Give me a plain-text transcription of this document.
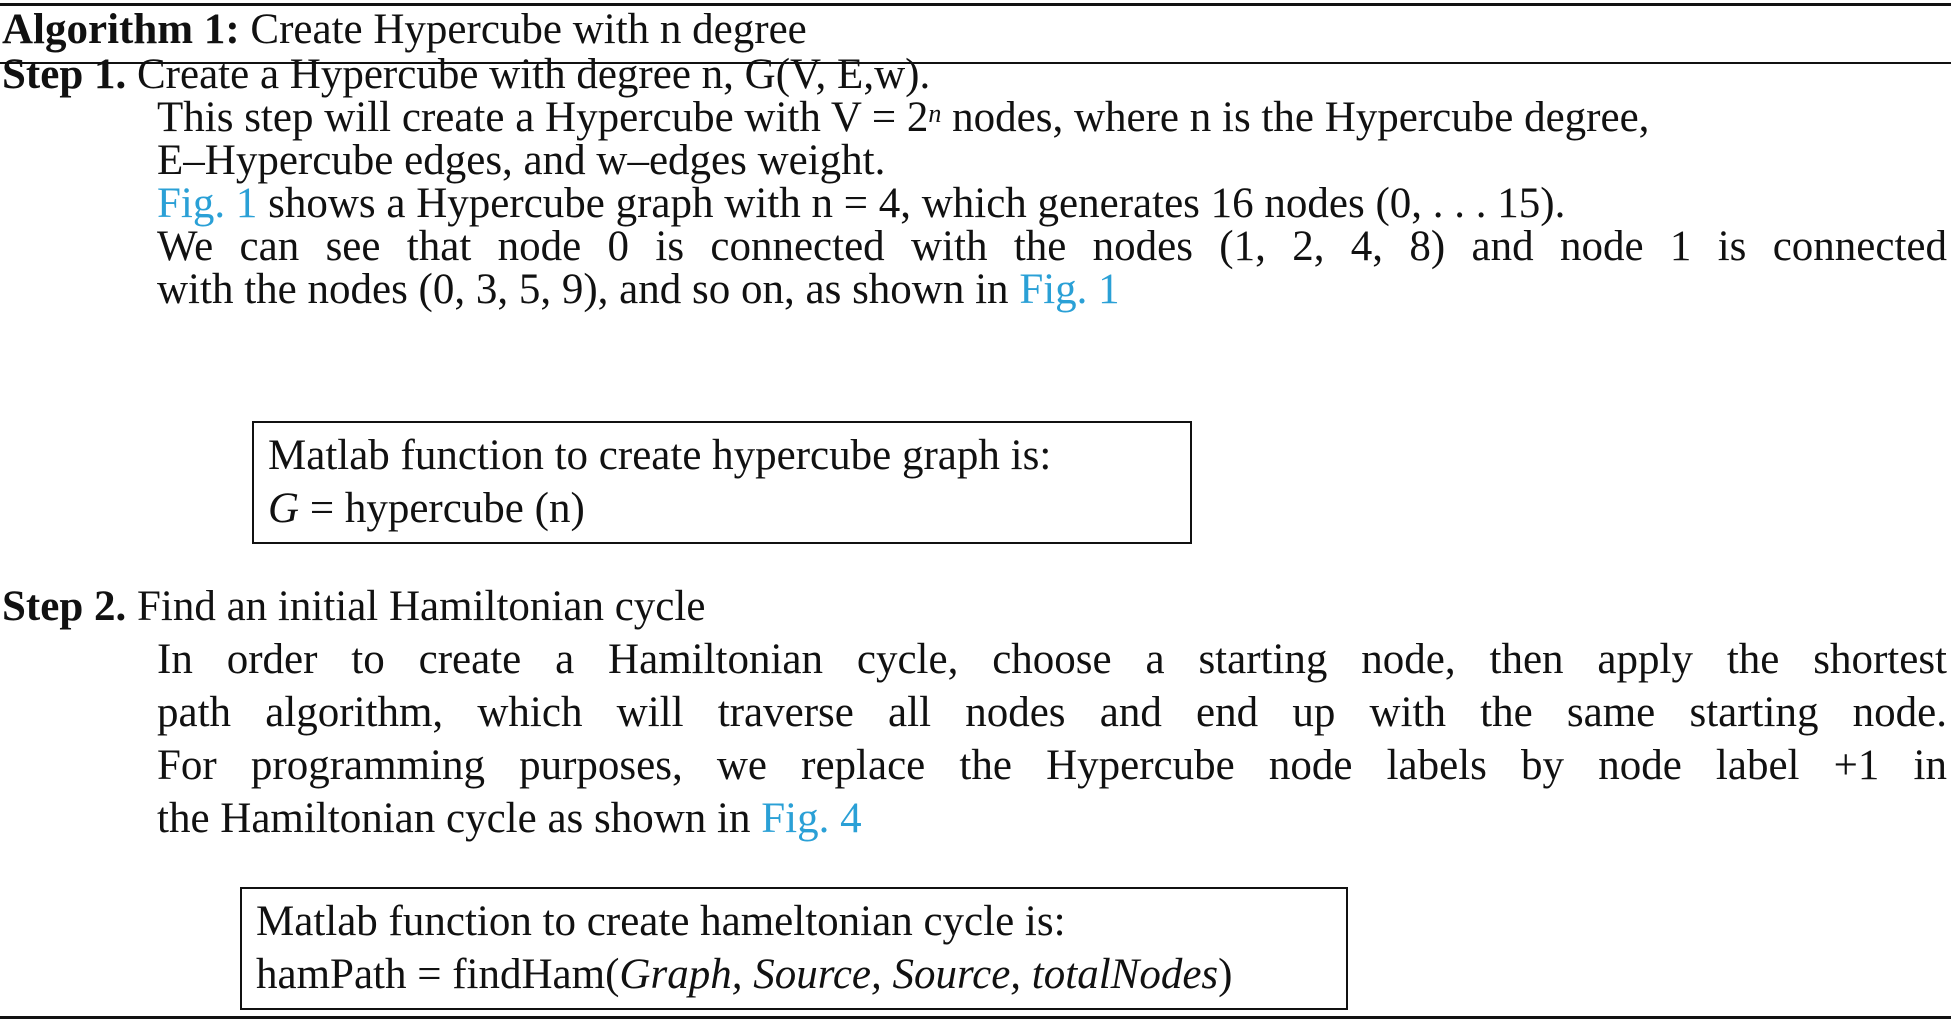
Algorithm 1: Create Hypercube with n degree
Step 1. Create a Hypercube with degree n, G(V, E,w).
This step will create a Hypercube with $V = 2^n$ nodes, where n is the Hypercube degree,
E–Hypercube edges, and w–edges weight.
Fig. 1 shows a Hypercube graph with n = 4, which generates 16 nodes (0, . . . 15).
We can see that node 0 is connected with the nodes (1, 2, 4, 8) and node 1 is connected
with the nodes (0, 3, 5, 9), and so on, as shown in Fig. 1
Matlab function to create hypercube graph is:
G = hypercube (n)
Step 2. Find an initial Hamiltonian cycle
In order to create a Hamiltonian cycle, choose a starting node, then apply the shortest
path algorithm, which will traverse all nodes and end up with the same starting node.
For programming purposes, we replace the Hypercube node labels by node label +1 in
the Hamiltonian cycle as shown in Fig. 4
Matlab function to create hameltonian cycle is:
hamPath = findHam(Graph, Source, Source, totalNodes)
